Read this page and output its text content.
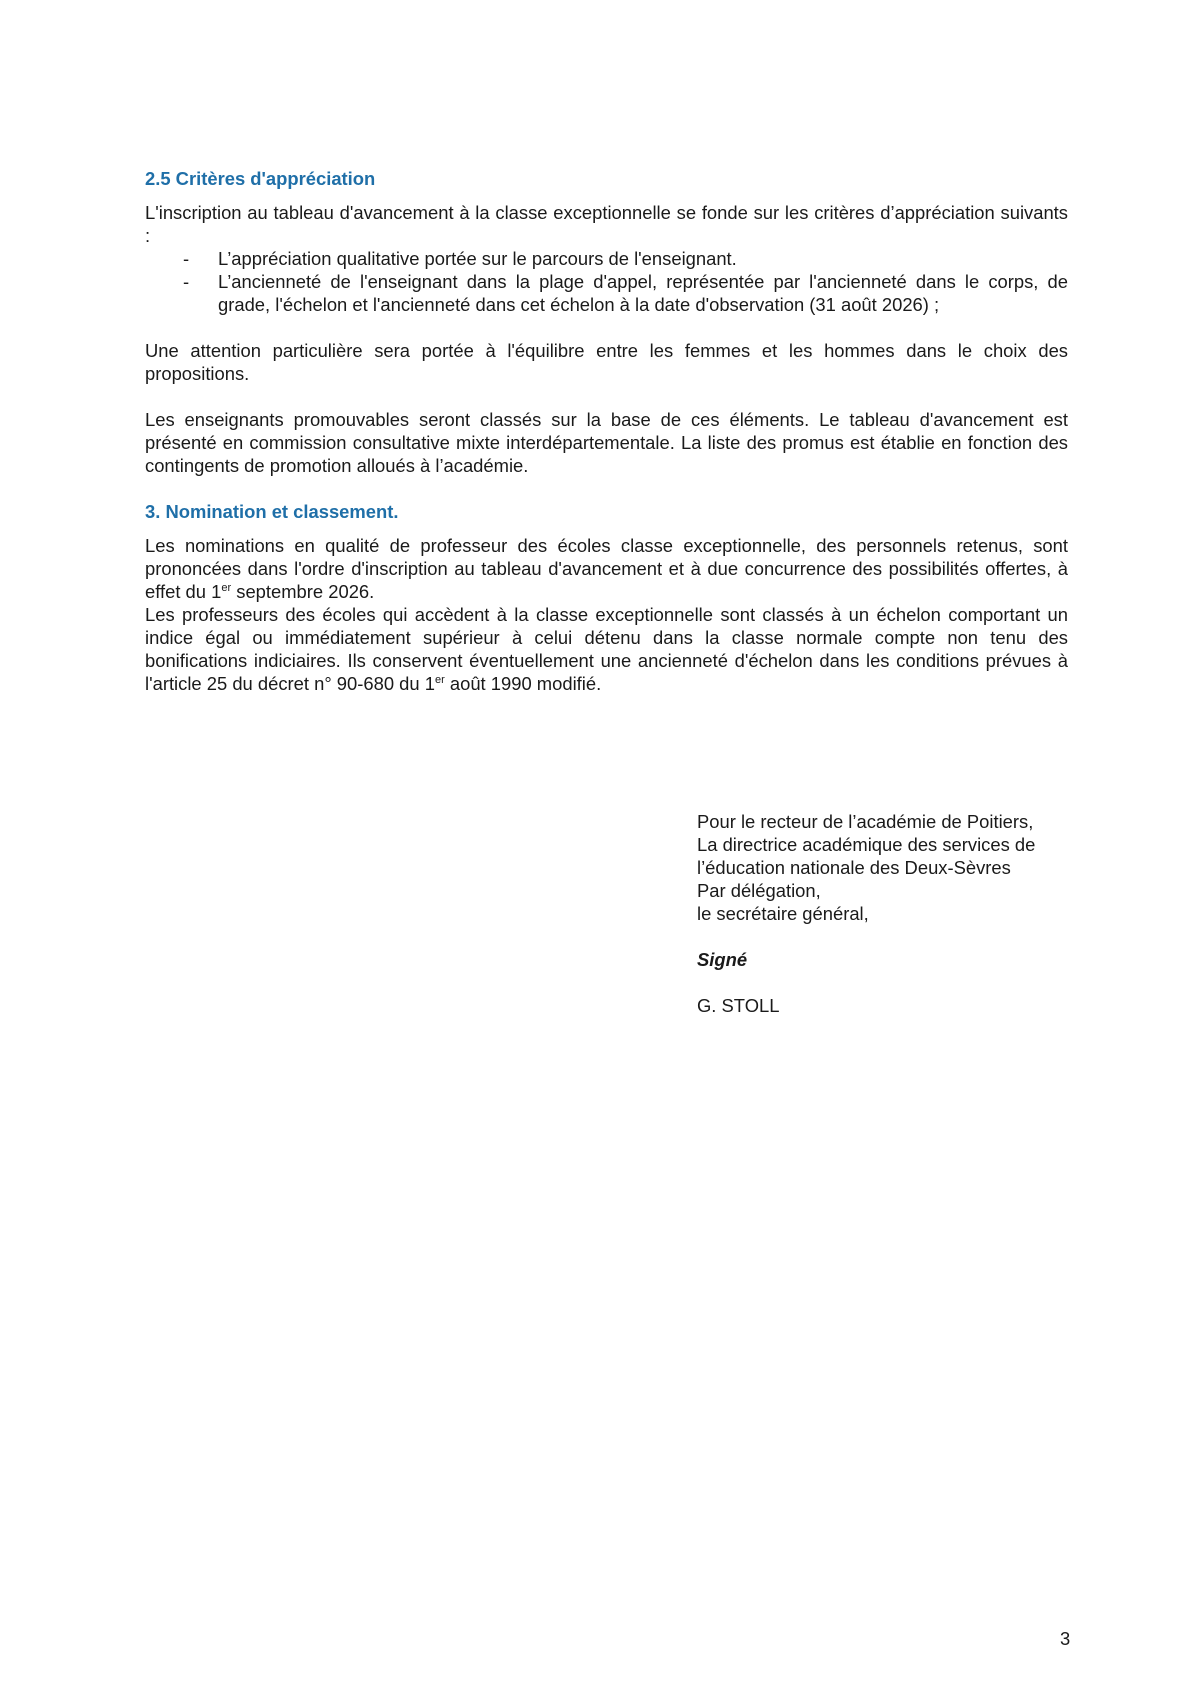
2.5 Critères d'appréciation

L'inscription au tableau d'avancement à la classe exceptionnelle se fonde sur les critères d’appréciation suivants :

- L’appréciation qualitative portée sur le parcours de l'enseignant.
- L’ancienneté de l'enseignant dans la plage d'appel, représentée par l'ancienneté dans le corps, de grade, l'échelon et l'ancienneté dans cet échelon à la date d'observation (31 août 2026) ;

Une attention particulière sera portée à l'équilibre entre les femmes et les hommes dans le choix des propositions.

Les enseignants promouvables seront classés sur la base de ces éléments. Le tableau d'avancement est présenté en commission consultative mixte interdépartementale. La liste des promus est établie en fonction des contingents de promotion alloués à l’académie.

3. Nomination et classement.

Les nominations en qualité de professeur des écoles classe exceptionnelle, des personnels retenus, sont prononcées dans l'ordre d'inscription au tableau d'avancement et à due concurrence des possibilités offertes, à effet du 1er septembre 2026.

Les professeurs des écoles qui accèdent à la classe exceptionnelle sont classés à un échelon comportant un indice égal ou immédiatement supérieur à celui détenu dans la classe normale compte non tenu des bonifications indiciaires. Ils conservent éventuellement une ancienneté d'échelon dans les conditions prévues à l'article 25 du décret n° 90-680 du 1er août 1990 modifié.

Pour le recteur de l’académie de Poitiers,
La directrice académique des services de
l’éducation nationale des Deux-Sèvres
Par délégation,
le secrétaire général,
Signé
G. STOLL
3
